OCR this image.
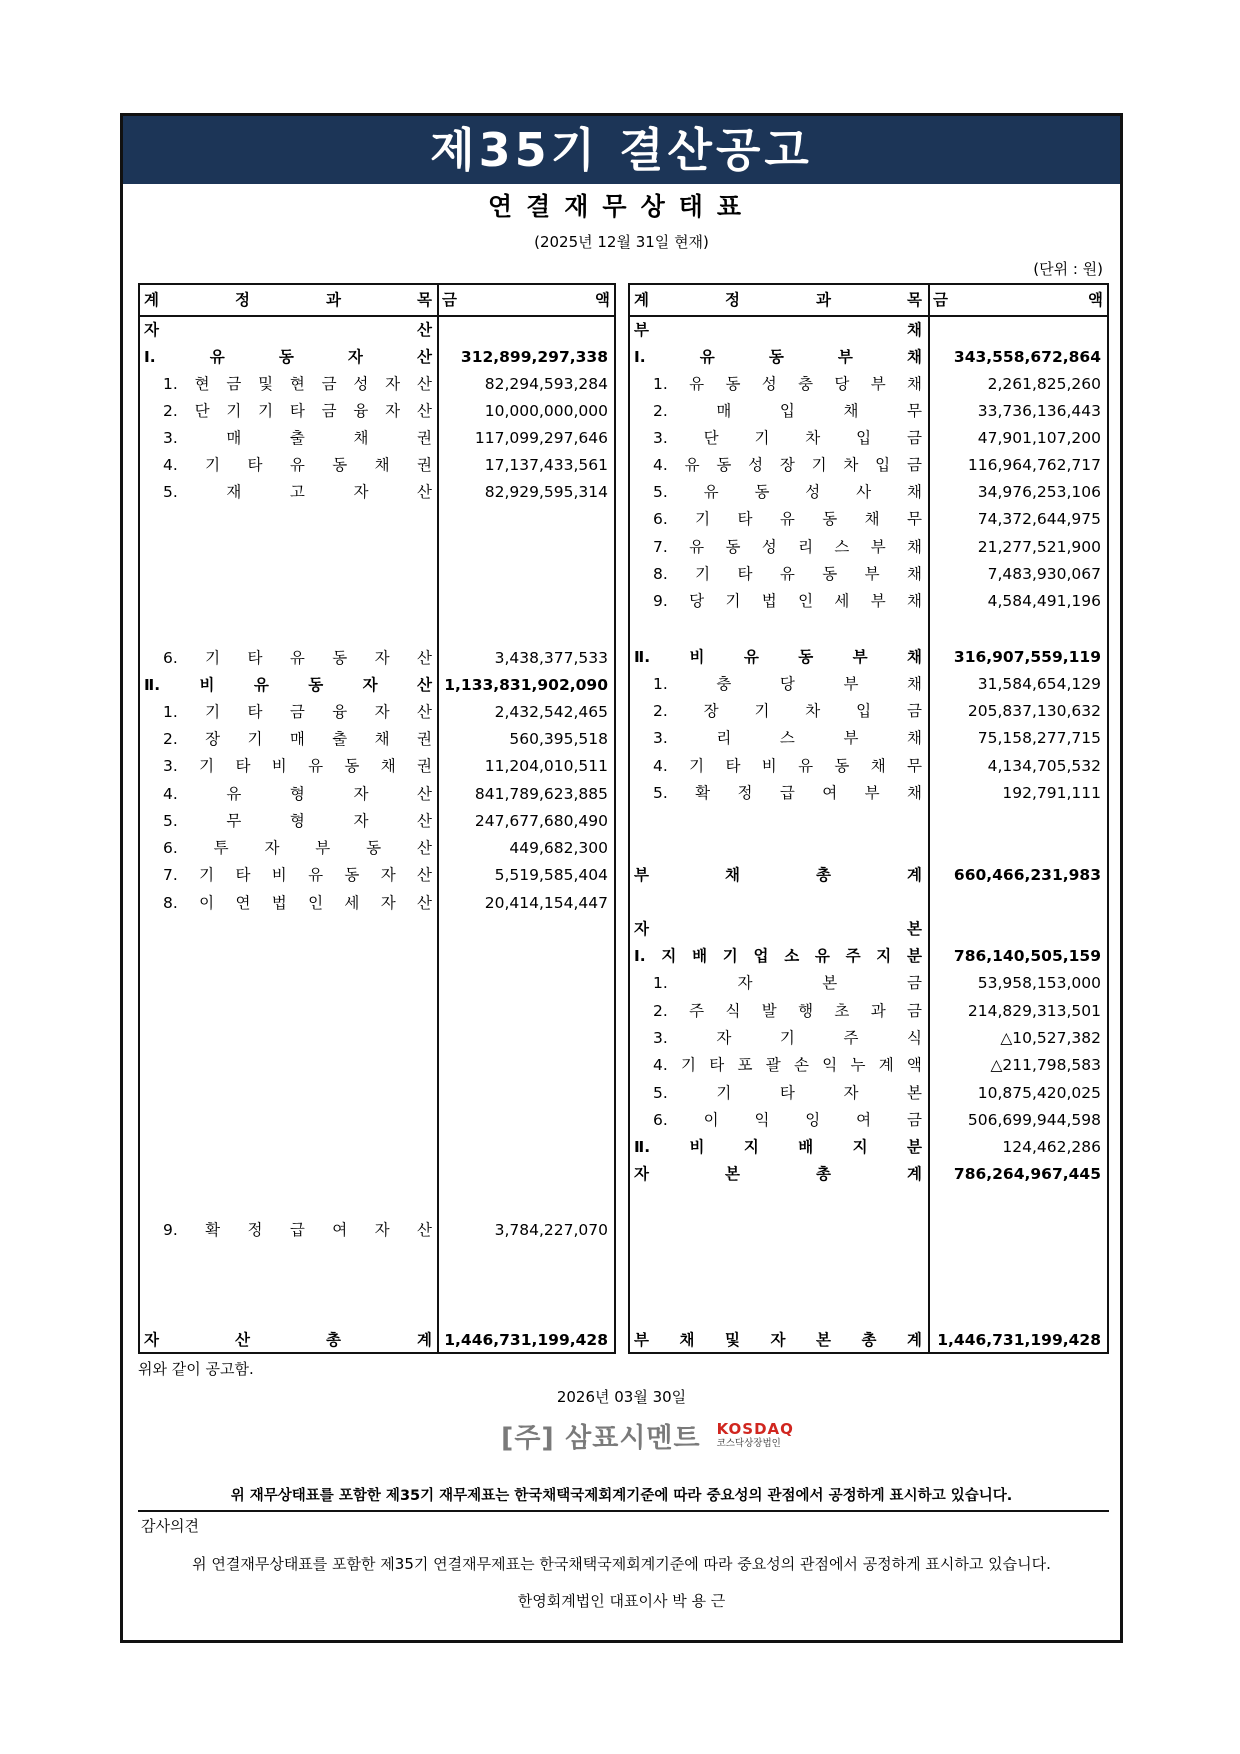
제35기 결산공고
연결재무상태표
(2025년 12월 31일 현재)
(단위 : 원)
계	정	과	목 금	액
자	산
Ⅰ.	유	동	자	산	312,899,297,338
1. 현 금 및 현 금 성 자 산	82,294,593,284
2. 단 기 기 타 금 융 자 산	10,000,000,000
3.	매	출	채	권	117,099,297,646
4. 기 타 유 동 채 권	17,137,433,561
5.	재	고	자	산	82,929,595,314
6. 기 타 유 동 자 산	3,438,377,533
Ⅱ.	비	유	동	자	산 1,133,831,902,090
1. 기 타 금 융 자 산	2,432,542,465
2. 장 기 매 출 채 권	560,395,518
3. 기 타 비 유 동 채 권	11,204,010,511
4.	유	형	자	산	841,789,623,885
5.	무	형	자	산	247,677,680,490
6. 투 자 부 동 산	449,682,300
7. 기 타 비 유 동 자 산	5,519,585,404
8. 이 연 법 인 세 자 산	20,414,154,447
9. 확 정 급 여 자 산	3,784,227,070
자	산	총	계 1,446,731,199,428
계	정	과	목 금	액
부	채
Ⅰ.	유	동	부	채	343,558,672,864
1. 유 동 성 충 당 부 채	2,261,825,260
2.	매	입	채	무	33,736,136,443
3. 단 기 차 입 금	47,901,107,200
4. 유 동 성 장 기 차 입 금	116,964,762,717
5. 유 동 성 사 채	34,976,253,106
6. 기 타 유 동 채 무	74,372,644,975
7. 유 동 성 리 스 부 채	21,277,521,900
8. 기 타 유 동 부 채	7,483,930,067
9. 당 기 법 인 세 부 채	4,584,491,196
Ⅱ.	비	유	동	부	채	316,907,559,119
1.	충	당	부	채	31,584,654,129
2. 장 기 차 입 금	205,837,130,632
3.	리	스	부	채	75,158,277,715
4. 기 타 비 유 동 채 무	4,134,705,532
5. 확 정 급 여 부 채	192,791,111
부	채	총	계	660,466,231,983
자	본
Ⅰ. 지 배 기 업 소 유 주 지 분	786,140,505,159
1.	자	본	금	53,958,153,000
2. 주 식 발 행 초 과 금	214,829,313,501
3.	자	기	주	식	△10,527,382
4. 기 타 포 괄 손 익 누 계 액	△211,798,583
5.	기	타	자	본	10,875,420,025
6. 이 익 잉 여 금	506,699,944,598
Ⅱ.	비	지	배	지	분	124,462,286
자	본	총	계	786,264,967,445
부 채 및 자 본 총 계 1,446,731,199,428
위와 같이 공고함.
2026년 03월 30일
[주] 삼표시멘트 KOSDAQ
코스닥상장법인
위 재무상태표를 포함한 제35기 재무제표는 한국채택국제회계기준에 따라 중요성의 관점에서 공정하게 표시하고 있습니다.
감사의견
위 연결재무상태표를 포함한 제35기 연결재무제표는 한국채택국제회계기준에 따라 중요성의 관점에서 공정하게 표시하고 있습니다.
한영회계법인 대표이사 박 용 근
